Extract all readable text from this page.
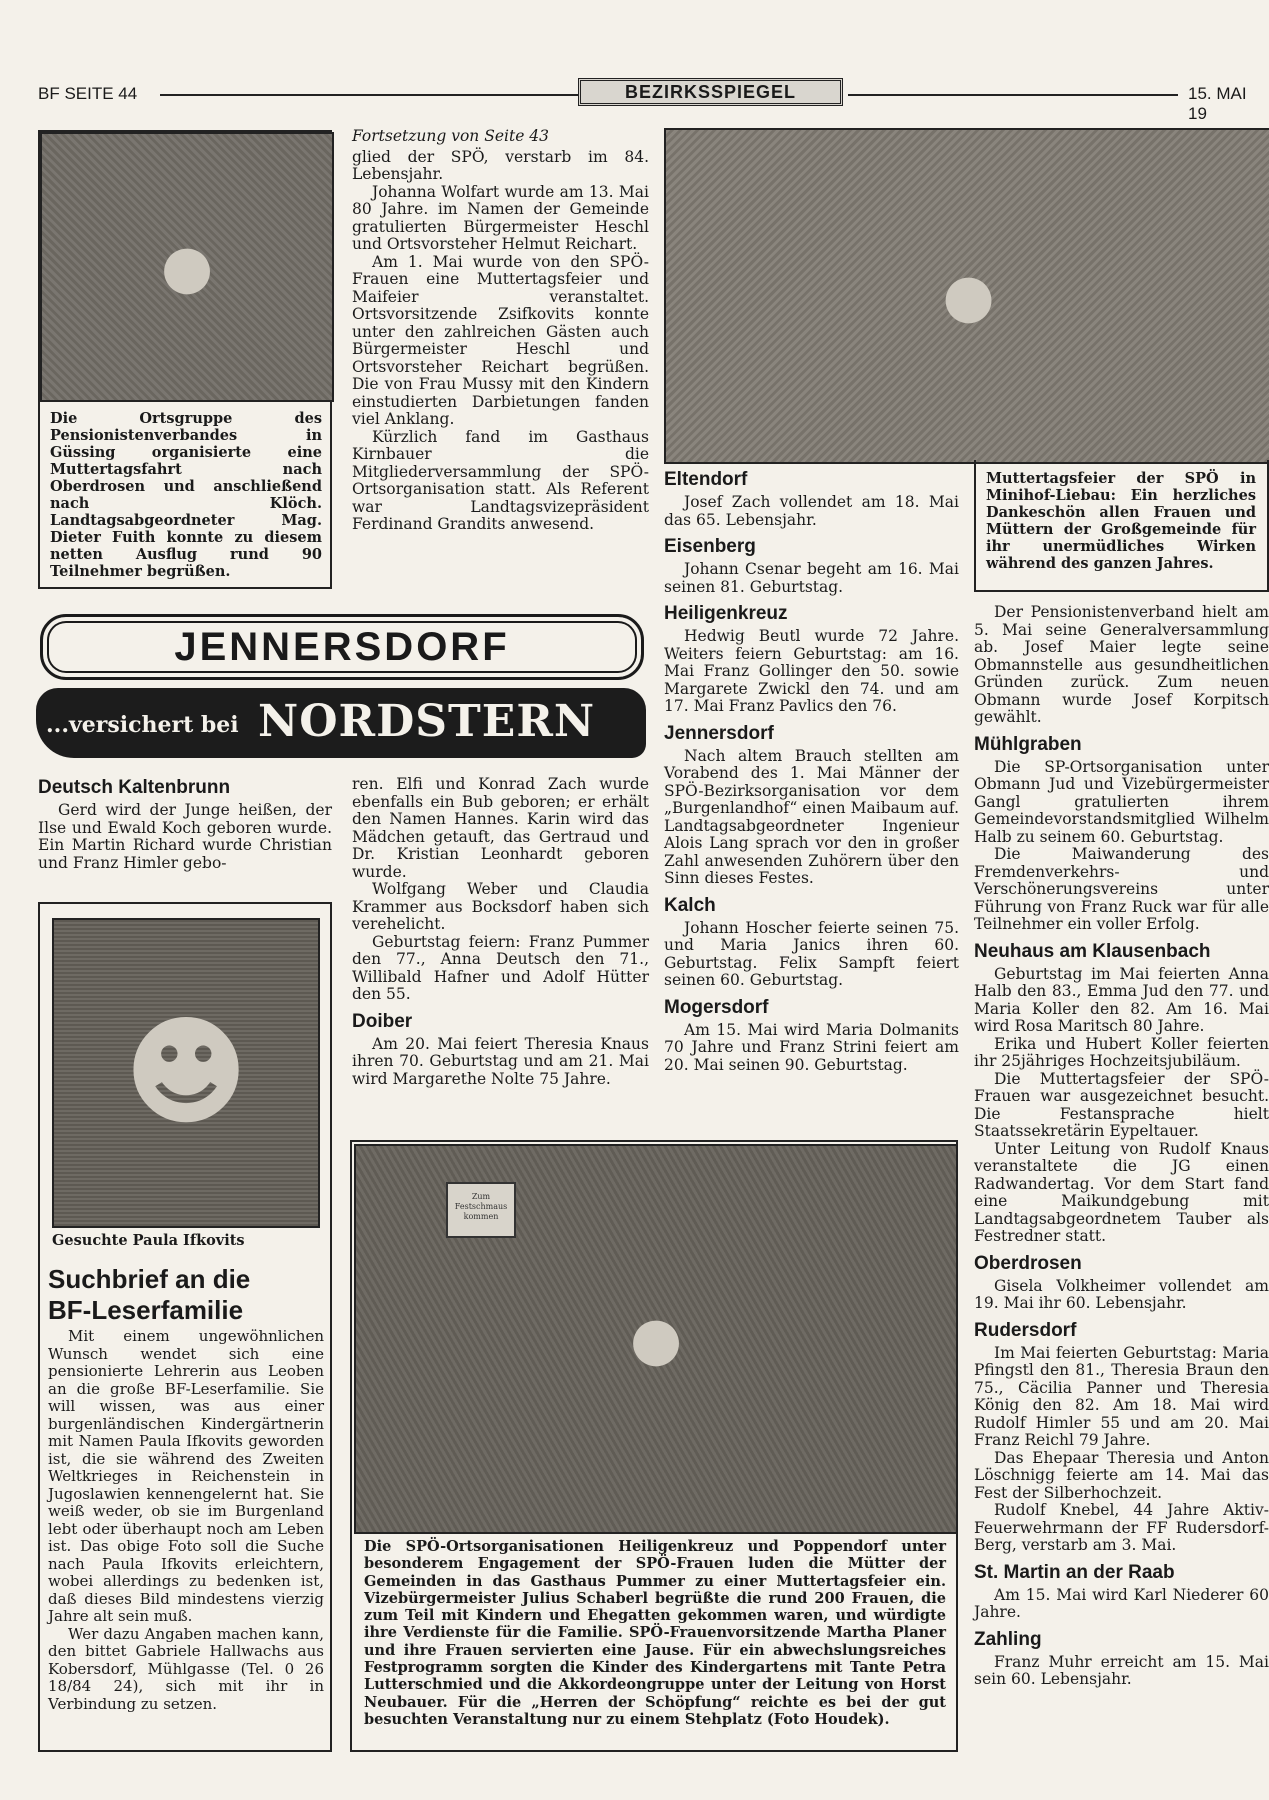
BF SEITE 44	BEZIRKSSPIEGEL	15. MAI 19
●
Die Ortsgruppe des Pensionistenverbandes in Güssing organisierte eine Muttertagsfahrt nach Oberdrosen und anschließend nach Klöch. Landtagsabgeordneter Mag. Dieter Fuith konnte zu diesem netten Ausflug rund 90 Teilnehmer begrüßen.
Fortsetzung von Seite 43

glied der SPÖ, verstarb im 84. Lebensjahr.

Johanna Wolfart wurde am 13. Mai 80 Jahre. im Namen der Gemeinde gratulierten Bürgermeister Heschl und Ortsvorsteher Helmut Reichart.

Am 1. Mai wurde von den SPÖ-Frauen eine Muttertagsfeier und Maifeier veranstaltet. Ortsvorsitzende Zsifkovits konnte unter den zahlreichen Gästen auch Bürgermeister Heschl und Ortsvorsteher Reichart begrüßen. Die von Frau Mussy mit den Kindern einstudierten Darbietungen fanden viel Anklang.

Kürzlich fand im Gasthaus Kirnbauer die Mitgliederversammlung der SPÖ-Ortsorganisation statt. Als Referent war Landtagsvizepräsident Ferdinand Grandits anwesend.

JENNERSDORF
...versichert bei NORDSTERN
Deutsch Kaltenbrunn

Gerd wird der Junge heißen, der Ilse und Ewald Koch geboren wurde. Ein Martin Richard wurde Christian und Franz Himler gebo-

☻
Gesuchte Paula Ifkovits
Suchbrief an die
BF-Leserfamilie

Mit einem ungewöhnlichen Wunsch wendet sich eine pensionierte Lehrerin aus Leoben an die große BF-Leserfamilie. Sie will wissen, was aus einer burgenländischen Kindergärtnerin mit Namen Paula Ifkovits geworden ist, die sie während des Zweiten Weltkrieges in Reichenstein in Jugoslawien kennengelernt hat. Sie weiß weder, ob sie im Burgenland lebt oder überhaupt noch am Leben ist. Das obige Foto soll die Suche nach Paula Ifkovits erleichtern, wobei allerdings zu bedenken ist, daß dieses Bild mindestens vierzig Jahre alt sein muß.

Wer dazu Angaben machen kann, den bittet Gabriele Hallwachs aus Kobersdorf, Mühlgasse (Tel. 0 26 18/84 24), sich mit ihr in Verbindung zu setzen.

ren. Elfi und Konrad Zach wurde ebenfalls ein Bub geboren; er erhält den Namen Hannes. Karin wird das Mädchen getauft, das Gertraud und Dr. Kristian Leonhardt geboren wurde.

Wolfgang Weber und Claudia Krammer aus Bocksdorf haben sich verehelicht.

Geburtstag feiern: Franz Pummer den 77., Anna Deutsch den 71., Willibald Hafner und Adolf Hütter den 55.

Doiber

Am 20. Mai feiert Theresia Knaus ihren 70. Geburtstag und am 21. Mai wird Margarethe Nolte 75 Jahre.

●
Muttertagsfeier der SPÖ in Minihof-Liebau: Ein herzliches Dankeschön allen Frauen und Müttern der Großgemeinde für ihr unermüdliches Wirken während des ganzen Jahres.
Eltendorf

Josef Zach vollendet am 18. Mai das 65. Lebensjahr.

Eisenberg

Johann Csenar begeht am 16. Mai seinen 81. Geburtstag.

Heiligenkreuz

Hedwig Beutl wurde 72 Jahre. Weiters feiern Geburtstag: am 16. Mai Franz Gollinger den 50. sowie Margarete Zwickl den 74. und am 17. Mai Franz Pavlics den 76.

Jennersdorf

Nach altem Brauch stellten am Vorabend des 1. Mai Männer der SPÖ-Bezirksorganisation vor dem „Burgenlandhof“ einen Maibaum auf. Landtagsabgeordneter Ingenieur Alois Lang sprach vor den in großer Zahl anwesenden Zuhörern über den Sinn dieses Festes.

Kalch

Johann Hoscher feierte seinen 75. und Maria Janics ihren 60. Geburtstag. Felix Sampft feiert seinen 60. Geburtstag.

Mogersdorf

Am 15. Mai wird Maria Dolmanits 70 Jahre und Franz Strini feiert am 20. Mai seinen 90. Geburtstag.

Zum Festschmaus kommen
●
Die SPÖ-Ortsorganisationen Heiligenkreuz und Poppendorf unter besonderem Engagement der SPÖ-Frauen luden die Mütter der Gemeinden in das Gasthaus Pummer zu einer Muttertagsfeier ein. Vizebürgermeister Julius Schaberl begrüßte die rund 200 Frauen, die zum Teil mit Kindern und Ehegatten gekommen waren, und würdigte ihre Verdienste für die Familie. SPÖ-Frauenvorsitzende Martha Planer und ihre Frauen servierten eine Jause. Für ein abwechslungsreiches Festprogramm sorgten die Kinder des Kindergartens mit Tante Petra Lutterschmied und die Akkordeongruppe unter der Leitung von Horst Neubauer. Für die „Herren der Schöpfung“ reichte es bei der gut besuchten Veranstaltung nur zu einem Stehplatz (Foto Houdek).

Der Pensionistenverband hielt am 5. Mai seine Generalversammlung ab. Josef Maier legte seine Obmannstelle aus gesundheitlichen Gründen zurück. Zum neuen Obmann wurde Josef Korpitsch gewählt.

Mühlgraben

Die SP-Ortsorganisation unter Obmann Jud und Vizebürgermeister Gangl gratulierten ihrem Gemeindevorstandsmitglied Wilhelm Halb zu seinem 60. Geburtstag.

Die Maiwanderung des Fremdenverkehrs- und Verschönerungsvereins unter Führung von Franz Ruck war für alle Teilnehmer ein voller Erfolg.

Neuhaus am Klausenbach

Geburtstag im Mai feierten Anna Halb den 83., Emma Jud den 77. und Maria Koller den 82. Am 16. Mai wird Rosa Maritsch 80 Jahre.

Erika und Hubert Koller feierten ihr 25jähriges Hochzeitsjubiläum.

Die Muttertagsfeier der SPÖ-Frauen war ausgezeichnet besucht. Die Festansprache hielt Staatssekretärin Eypeltauer.

Unter Leitung von Rudolf Knaus veranstaltete die JG einen Radwandertag. Vor dem Start fand eine Maikundgebung mit Landtagsabgeordnetem Tauber als Festredner statt.

Oberdrosen

Gisela Volkheimer vollendet am 19. Mai ihr 60. Lebensjahr.

Rudersdorf

Im Mai feierten Geburtstag: Maria Pfingstl den 81., Theresia Braun den 75., Cäcilia Panner und Theresia König den 82. Am 18. Mai wird Rudolf Himler 55 und am 20. Mai Franz Reichl 79 Jahre.

Das Ehepaar Theresia und Anton Löschnigg feierte am 14. Mai das Fest der Silberhochzeit.

Rudolf Knebel, 44 Jahre Aktiv-Feuerwehrmann der FF Rudersdorf-Berg, verstarb am 3. Mai.

St. Martin an der Raab

Am 15. Mai wird Karl Niederer 60 Jahre.

Zahling

Franz Muhr erreicht am 15. Mai sein 60. Lebensjahr.
